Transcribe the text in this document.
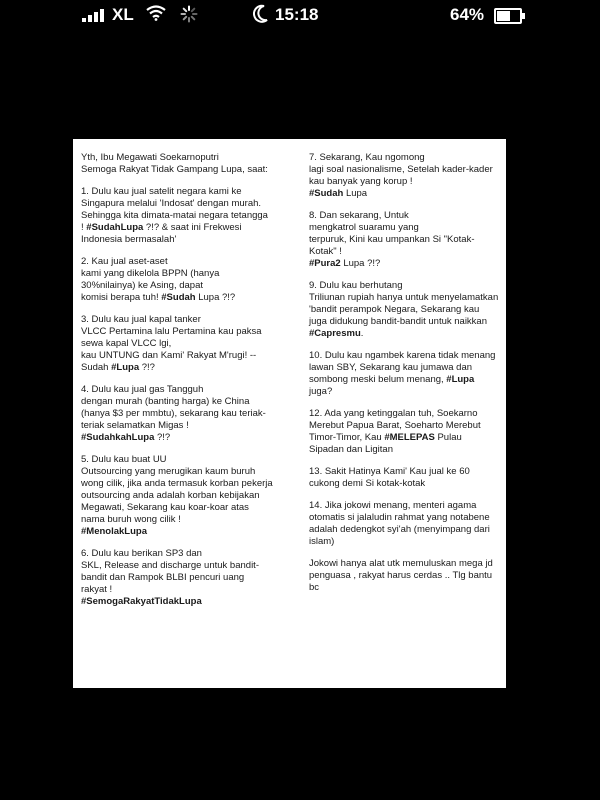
XL	15:18	64%
Yth, Ibu Megawati Soekarnoputri
Semoga Rakyat Tidak Gampang Lupa, saat:
1. Dulu kau jual satelit negara kami ke
Singapura melalui 'Indosat' dengan murah.
Sehingga kita dimata-matai negara tetangga
! #SudahLupa ?!? & saat ini Frekwesi
Indonesia bermasalah'
2. Kau jual aset-aset
kami yang dikelola BPPN (hanya
30%nilainya) ke Asing, dapat
komisi berapa tuh! #Sudah Lupa ?!?
3. Dulu kau jual kapal tanker
VLCC Pertamina lalu Pertamina kau paksa
sewa kapal VLCC lgi,
kau UNTUNG dan Kami' Rakyat M'rugi! --
Sudah #Lupa ?!?
4. Dulu kau jual gas Tangguh
dengan murah (banting harga) ke China
(hanya $3 per mmbtu), sekarang kau teriak-
teriak selamatkan Migas !
#SudahkahLupa ?!?
5. Dulu kau buat UU
Outsourcing yang merugikan kaum buruh
wong cilik, jika anda termasuk korban pekerja
outsourcing anda adalah korban kebijakan
Megawati, Sekarang kau koar-koar atas
nama buruh wong cilik !
#MenolakLupa
6. Dulu kau berikan SP3 dan
SKL, Release and discharge untuk bandit-
bandit dan Rampok BLBI pencuri uang
rakyat !
#SemogaRakyatTidakLupa
7. Sekarang, Kau ngomong
lagi soal nasionalisme, Setelah kader-kader
kau banyak yang korup !
#Sudah Lupa
8. Dan sekarang, Untuk
mengkatrol suaramu yang
terpuruk, Kini kau umpankan Si "Kotak-
Kotak" !
#Pura2 Lupa ?!?
9. Dulu kau berhutang
Triliunan rupiah hanya untuk menyelamatkan
'bandit perampok Negara, Sekarang kau
juga didukung bandit-bandit untuk naikkan
#Capresmu.
10. Dulu kau ngambek karena tidak menang
lawan SBY, Sekarang kau jumawa dan
sombong meski belum menang, #Lupa
juga?
12. Ada yang ketinggalan tuh, Soekarno
Merebut Papua Barat, Soeharto Merebut
Timor-Timor, Kau #MELEPAS Pulau
Sipadan dan Ligitan
13. Sakit Hatinya Kami' Kau jual ke 60
cukong demi Si kotak-kotak
14. Jika jokowi menang, menteri agama
otomatis si jalaludin rahmat yang notabene
adalah dedengkot syi'ah (menyimpang dari
islam)
Jokowi hanya alat utk memuluskan mega jd
penguasa , rakyat harus cerdas .. Tlg bantu
bc
